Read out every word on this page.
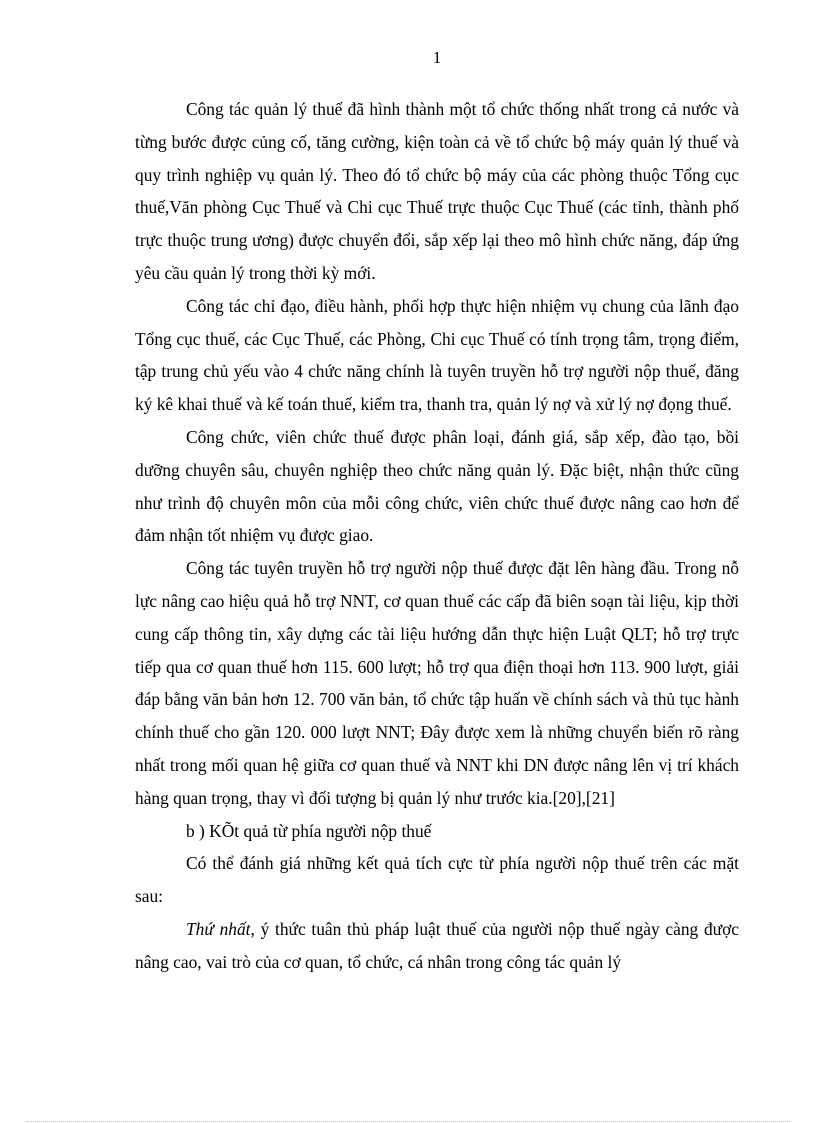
1

Công tác quản lý thuế đã hình thành một tổ chức thống nhất trong cả nước và từng bước được củng cố, tăng cường, kiện toàn cả về tổ chức bộ máy quản lý thuế và quy trình nghiệp vụ quản lý. Theo đó tổ chức bộ máy của các phòng thuộc Tổng cục thuế,Văn phòng Cục Thuế và Chi cục Thuế trực thuộc Cục Thuế (các tỉnh, thành phố trực thuộc trung ương) được chuyển đổi, sắp xếp lại theo mô hình chức năng, đáp ứng yêu cầu quản lý trong thời kỳ mới.

Công tác chỉ đạo, điều hành, phối hợp thực hiện nhiệm vụ chung của lãnh đạo Tổng cục thuế, các Cục Thuế, các Phòng, Chi cục Thuế có tính trọng tâm, trọng điểm, tập trung chủ yếu vào 4 chức năng chính là tuyên truyền hỗ trợ người nộp thuế, đăng ký kê khai thuế và kế toán thuế, kiểm tra, thanh tra, quản lý nợ và xử lý nợ đọng thuế.

Công chức, viên chức thuế được phân loại, đánh giá, sắp xếp, đào tạo, bồi dưỡng chuyên sâu, chuyên nghiệp theo chức năng quản lý. Đặc biệt, nhận thức cũng như trình độ chuyên môn của mỗi công chức, viên chức thuế được nâng cao hơn để đảm nhận tốt nhiệm vụ được giao.

Công tác tuyên truyền hỗ trợ người nộp thuế được đặt lên hàng đầu. Trong nỗ lực nâng cao hiệu quả hỗ trợ NNT, cơ quan thuế các cấp đã biên soạn tài liệu, kịp thời cung cấp thông tin, xây dựng các tài liệu hướng dẫn thực hiện Luật QLT; hỗ trợ trực tiếp qua cơ quan thuế hơn 115. 600 lượt; hỗ trợ qua điện thoại hơn 113. 900 lượt, giải đáp bằng văn bản hơn 12. 700 văn bản, tổ chức tập huấn về chính sách và thủ tục hành chính thuế cho gần 120. 000 lượt NNT; Đây được xem là những chuyển biến rõ ràng nhất trong mối quan hệ giữa cơ quan thuế và NNT khi DN được nâng lên vị trí khách hàng quan trọng, thay vì đối tượng bị quản lý như trước kia.[20],[21]

b ) KÕt quả từ phía người nộp thuế

Có thể đánh giá những kết quả tích cực từ phía người nộp thuế trên các mặt sau:

Thứ nhất, ý thức tuân thủ pháp luật thuế của người nộp thuế ngày càng được nâng cao, vai trò của cơ quan, tổ chức, cá nhân trong công tác quản lý
